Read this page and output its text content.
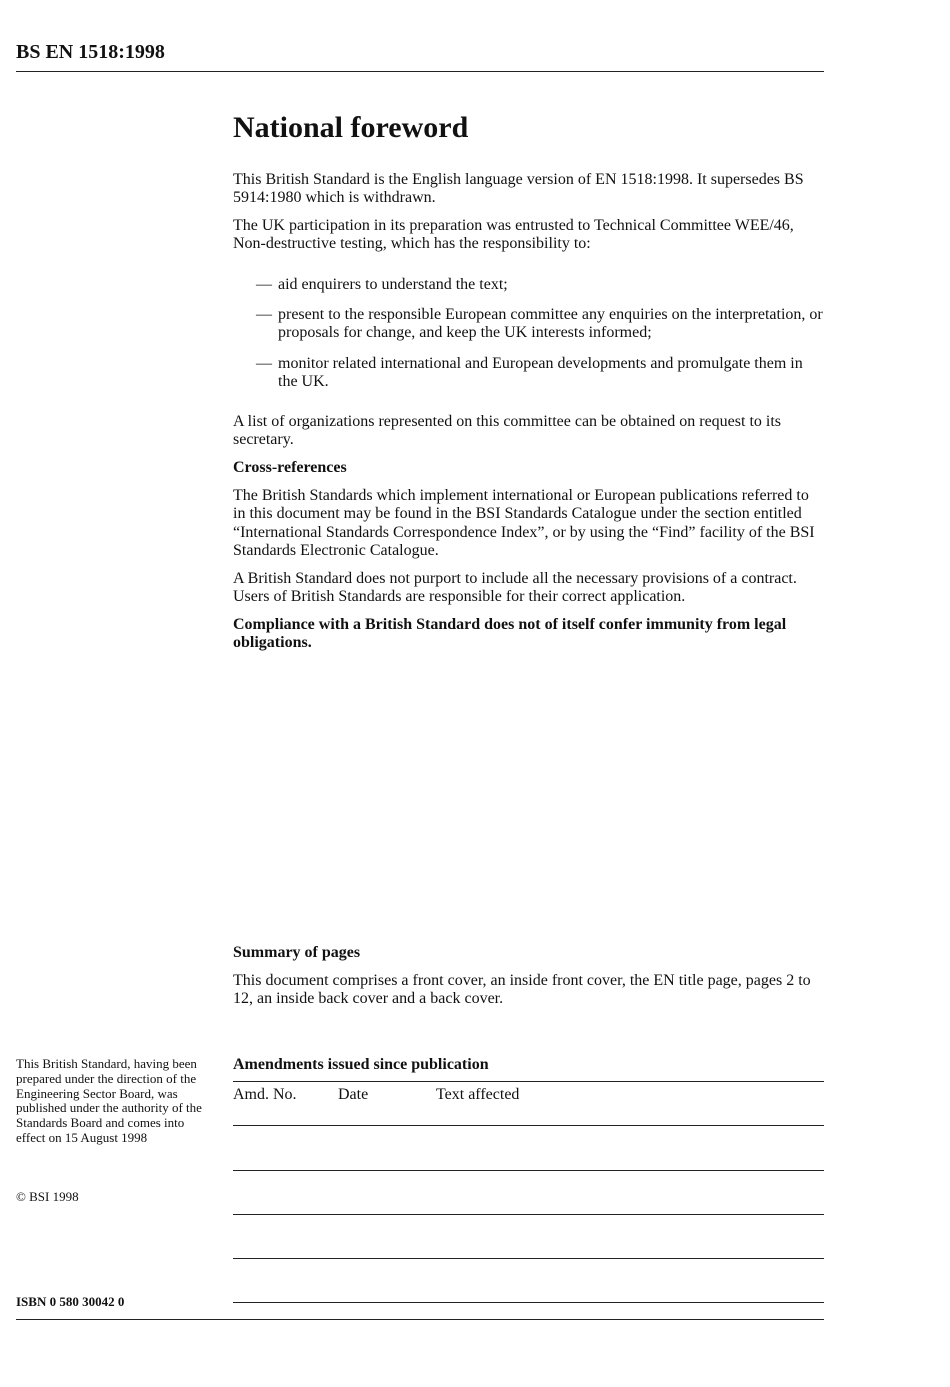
BS EN 1518:1998
National foreword

This British Standard is the English language version of EN 1518:1998. It supersedes BS 5914:1980 which is withdrawn.

The UK participation in its preparation was entrusted to Technical Committee WEE/46, Non-destructive testing, which has the responsibility to:

— aid enquirers to understand the text;
— present to the responsible European committee any enquiries on the interpretation, or proposals for change, and keep the UK interests informed;
— monitor related international and European developments and promulgate them in the UK.

A list of organizations represented on this committee can be obtained on request to its secretary.

Cross-references

The British Standards which implement international or European publications referred to in this document may be found in the BSI Standards Catalogue under the section entitled “International Standards Correspondence Index”, or by using the “Find” facility of the BSI Standards Electronic Catalogue.

A British Standard does not purport to include all the necessary provisions of a contract. Users of British Standards are responsible for their correct application.

Compliance with a British Standard does not of itself confer immunity from legal obligations.

Summary of pages

This document comprises a front cover, an inside front cover, the EN title page, pages 2 to 12, an inside back cover and a back cover.

This British Standard, having been prepared under the direction of the Engineering Sector Board, was published under the authority of the Standards Board and comes into effect on 15 August 1998
© BSI 1998
ISBN 0 580 30042 0
Amendments issued since publication
Amd. No.	Date	Text affected
